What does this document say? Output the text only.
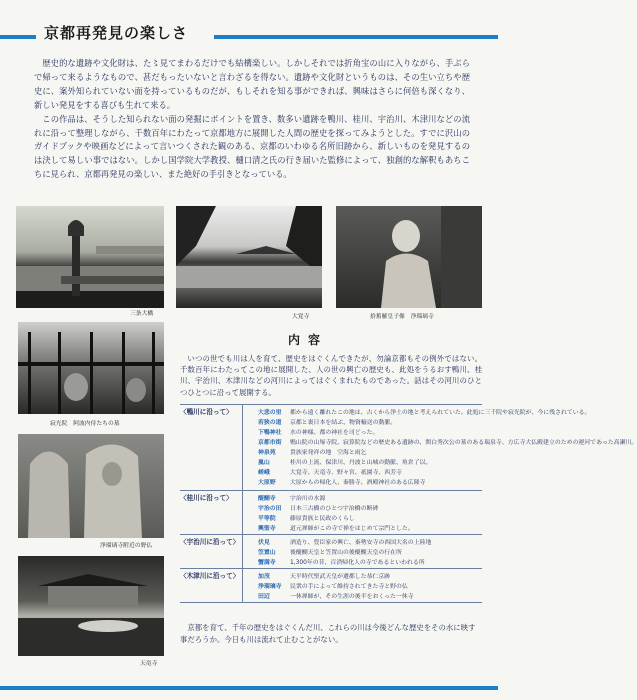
京都再発見の楽しさ

歴史的な遺跡や文化財は、た〻見てまわるだけでも結構楽しい。しかしそれでは折角宝の山に入りながら、手ぶらで帰って来るようなもので、甚だもったいないと言わざるを得ない。遺跡や文化財というものは、その生い立ちや歴史に、案外知られていない面を持っているものだが、もしそれを知る事ができれば、興味はさらに何倍も深くなり、新しい発見をする喜びも生れて来る。

この作品は、そうした知られない面の発掘にポイントを置き、数多い遺跡を鴨川、桂川、宇治川、木津川などの流れに沿って整理しながら、千数百年にわたって京都地方に展開した人間の歴史を探ってみようとした。すでに沢山のガイドブックや映画などによって言いつくされた観のある、京都のいわゆる名所旧跡から、新しいものを発見するのは決して易しい事ではない。しかし国学院大学教授、樋口清之氏の行き届いた監修によって、独創的な解釈もあちこちに見られ、京都再発見の楽しい、また絶好の手引きとなっている。

三条大橋	大覚寺	拾𦾔羅皇子像　浄瑠璃寺
寂光院　阿波内侍たちの墓
浄瑠璃寺附近の野仏
天竜寺
内容

いつの世でも川は人を育て、歴史をはぐくんできたが、勿論京都もその例外ではない。千数百年にわたってこの地に展開した、人の世の興亡の歴史も、此処をうるおす鴨川、桂川、宇治川、木津川などの河川によってはぐくまれたものであった。話はその河川のひとつひとつに沿って展開する。

〈鴨川に沿って〉	大悲の里 都から遠く離れたこの地は、古くから浄土の地と考えられていた。此処に三千院や寂光院が、今に残されている。
若狭の道 京都と裏日本を結ぶ、物資輸送の動脈。
下鴨神社 水の神様。都の神社を司どった。
京都市街 鴨山院の山塚寺院、寂算院などの歴史ある遺跡の、関白秀次公の墓のある瑞泉寺、方広寺大仏殿建立のための運河であった高瀬川。
神泉苑 貴族家発祥の地　空海と雨乞
嵐山	桂川の上流、保津川、丹波と山城の動脈、角倉了以。
嵯峨	大覚寺、天竜寺、野々宮、祇園寺、西芳寺
大原野 大原からの帰化人、秦勝寺、酒殿神社のある広隆寺
〈桂川に沿って〉	醍醐寺 宇治川の水源
宇治の田 日本三古橋のひとつ宇治橋の断碑
平等院 藤原貴族と民政のくらし
興聖寺 道元禅師がこの寺で禅をはじめて宗門とした。
〈宇治川に沿って〉	伏見	酒造り、豊臣家の興亡、秦勢安寺の西国大名の上陸地
笠置山 後醍醐天皇と笠置山の後醍醐天皇の行在所
蟹満寺 1,300年の昔、百済帰化人の寺であるといわれる所
〈木津川に沿って〉	加茂	天平時代聖武天皇が遷都した恭仁京跡
浄瑠璃寺 民衆の手によって維持されてきた寺と野の仏
田辺	一休禅師が、その生涯の後半をおくった一休寺

京都を育て、千年の歴史をはぐくんだ川、これらの川は今後どんな歴史をその水に映す事だろうか。今日も川は流れて止むことがない。
